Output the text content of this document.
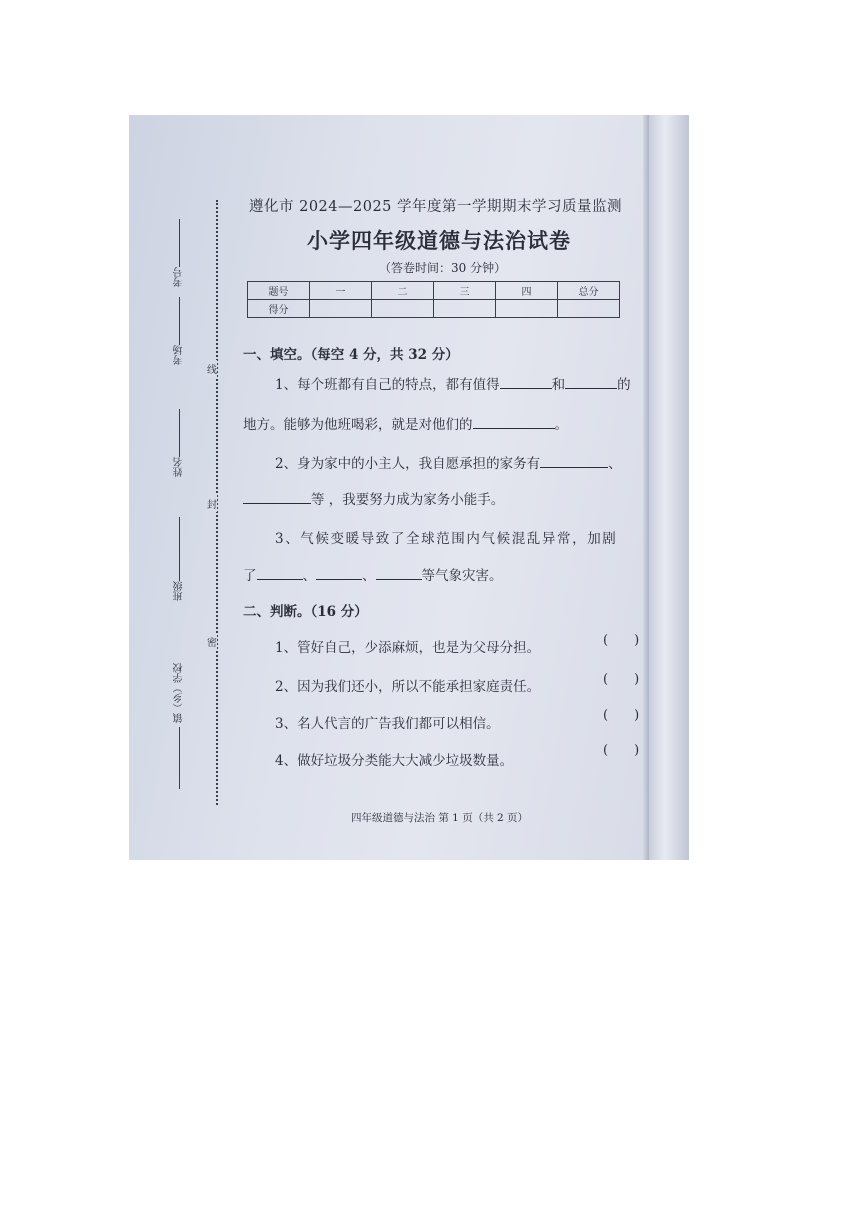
线
封
密
考号
考场
姓名
班级
镇（乡）学校
遵化市 2024—2025 学年度第一学期期末学习质量监测
小学四年级道德与法治试卷
（答卷时间：30 分钟）
题号	一	二	三	四	总分
得分					
一、填空。（每空 4 分，共 32 分）
1、每个班都有自己的特点，都有值得	和	的
地方。能够为他班喝彩，就是对他们的	。
2、身为家中的小主人，我自愿承担的家务有	、
等 ，我要努力成为家务小能手。
3、气候变暖导致了全球范围内气候混乱异常，加剧
了	、	、	等气象灾害。
二、判断。（16 分）
1、管好自己，少添麻烦，也是为父母分担。	(　　)
2、因为我们还小，所以不能承担家庭责任。	(　　)
3、名人代言的广告我们都可以相信。
(　　)
4、做好垃圾分类能大大减少垃圾数量。
(　　)
四年级道德与法治 第 1 页（共 2 页）
